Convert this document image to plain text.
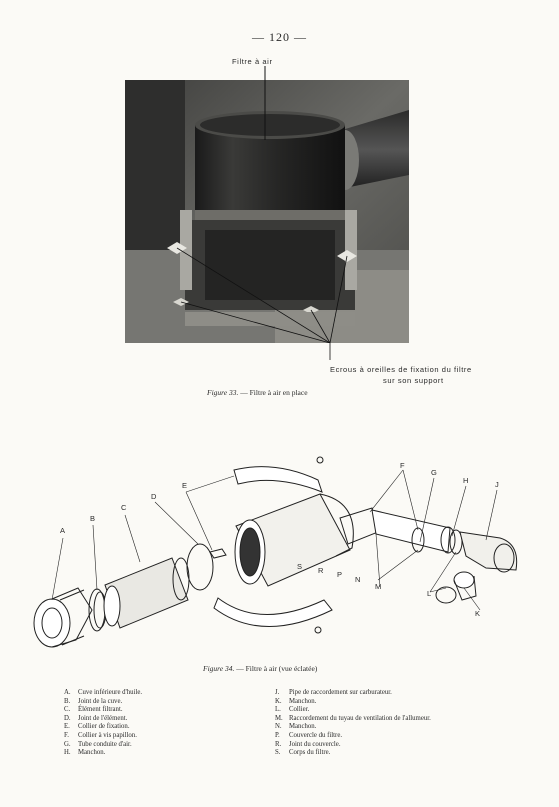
— 120 —
Filtre à air
Ecrous à oreilles de fixation du filtre
sur son support
Figure 33. — Filtre à air en place
A
B
C
D
E
F
G
H	J
K
L
M
N
P
R
S
Figure 34. — Filtre à air (vue éclatée)
A. Cuve inférieure d'huile.
B. Joint de la cuve.
C. Élément filtrant.
D. Joint de l'élément.
E. Collier de fixation.
F. Collier à vis papillon.
G. Tube conduite d'air.
H. Manchon.
J. Pipe de raccordement sur carburateur.
K. Manchon.
L. Collier.
M. Raccordement du tuyau de ventilation de l'allumeur.
N. Manchon.
P. Couvercle du filtre.
R. Joint du couvercle.
S. Corps du filtre.
